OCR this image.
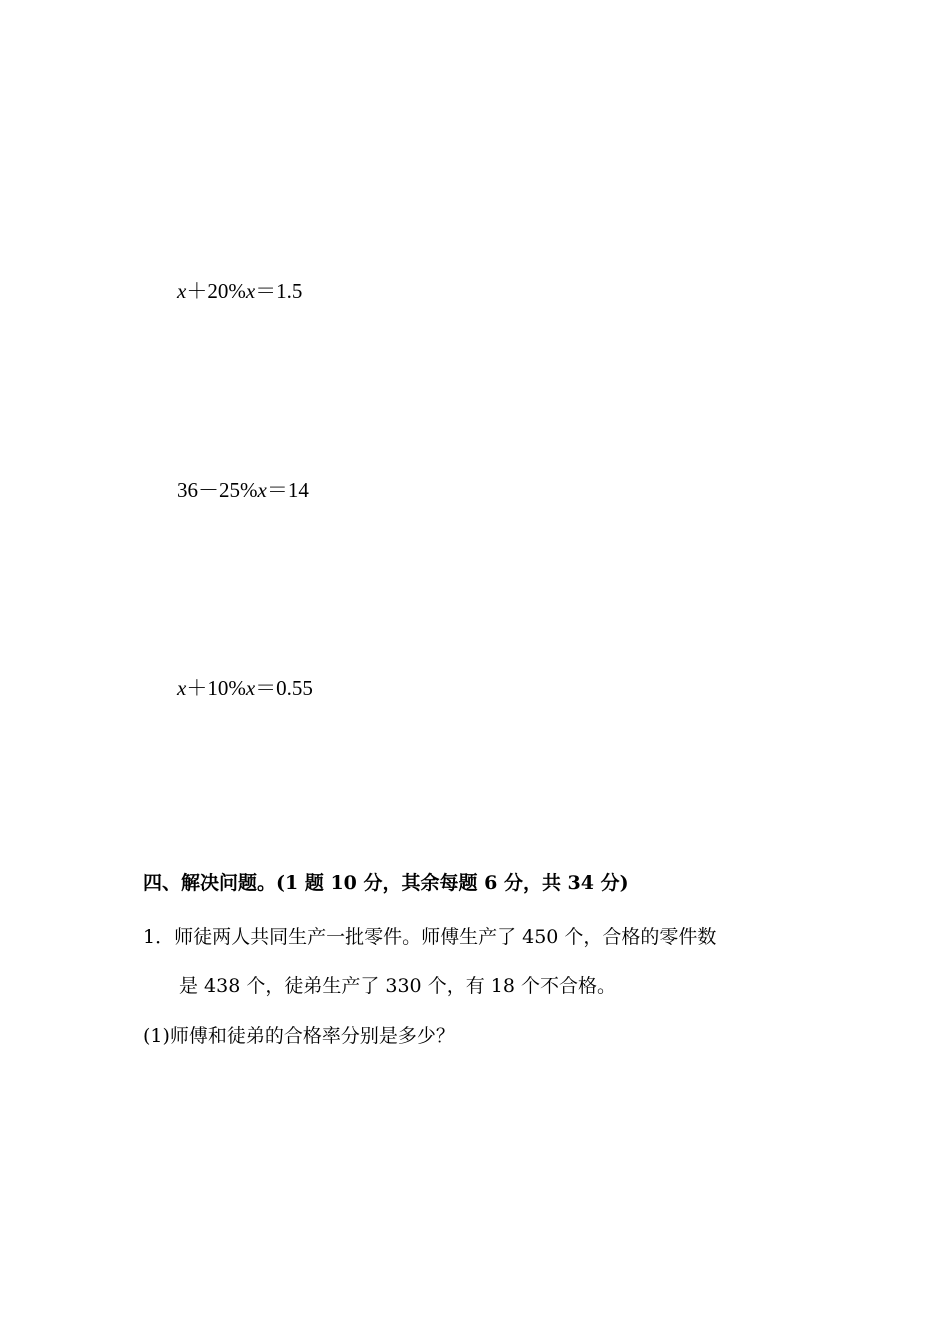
x＋20%x＝1.5
36－25%x＝14
x＋10%x＝0.55
四、解决问题。(1 题 10 分，其余每题 6 分，共 34 分)
1．师徒两人共同生产一批零件。师傅生产了 450 个，合格的零件数
是 438 个，徒弟生产了 330 个，有 18 个不合格。
(1)师傅和徒弟的合格率分别是多少？
